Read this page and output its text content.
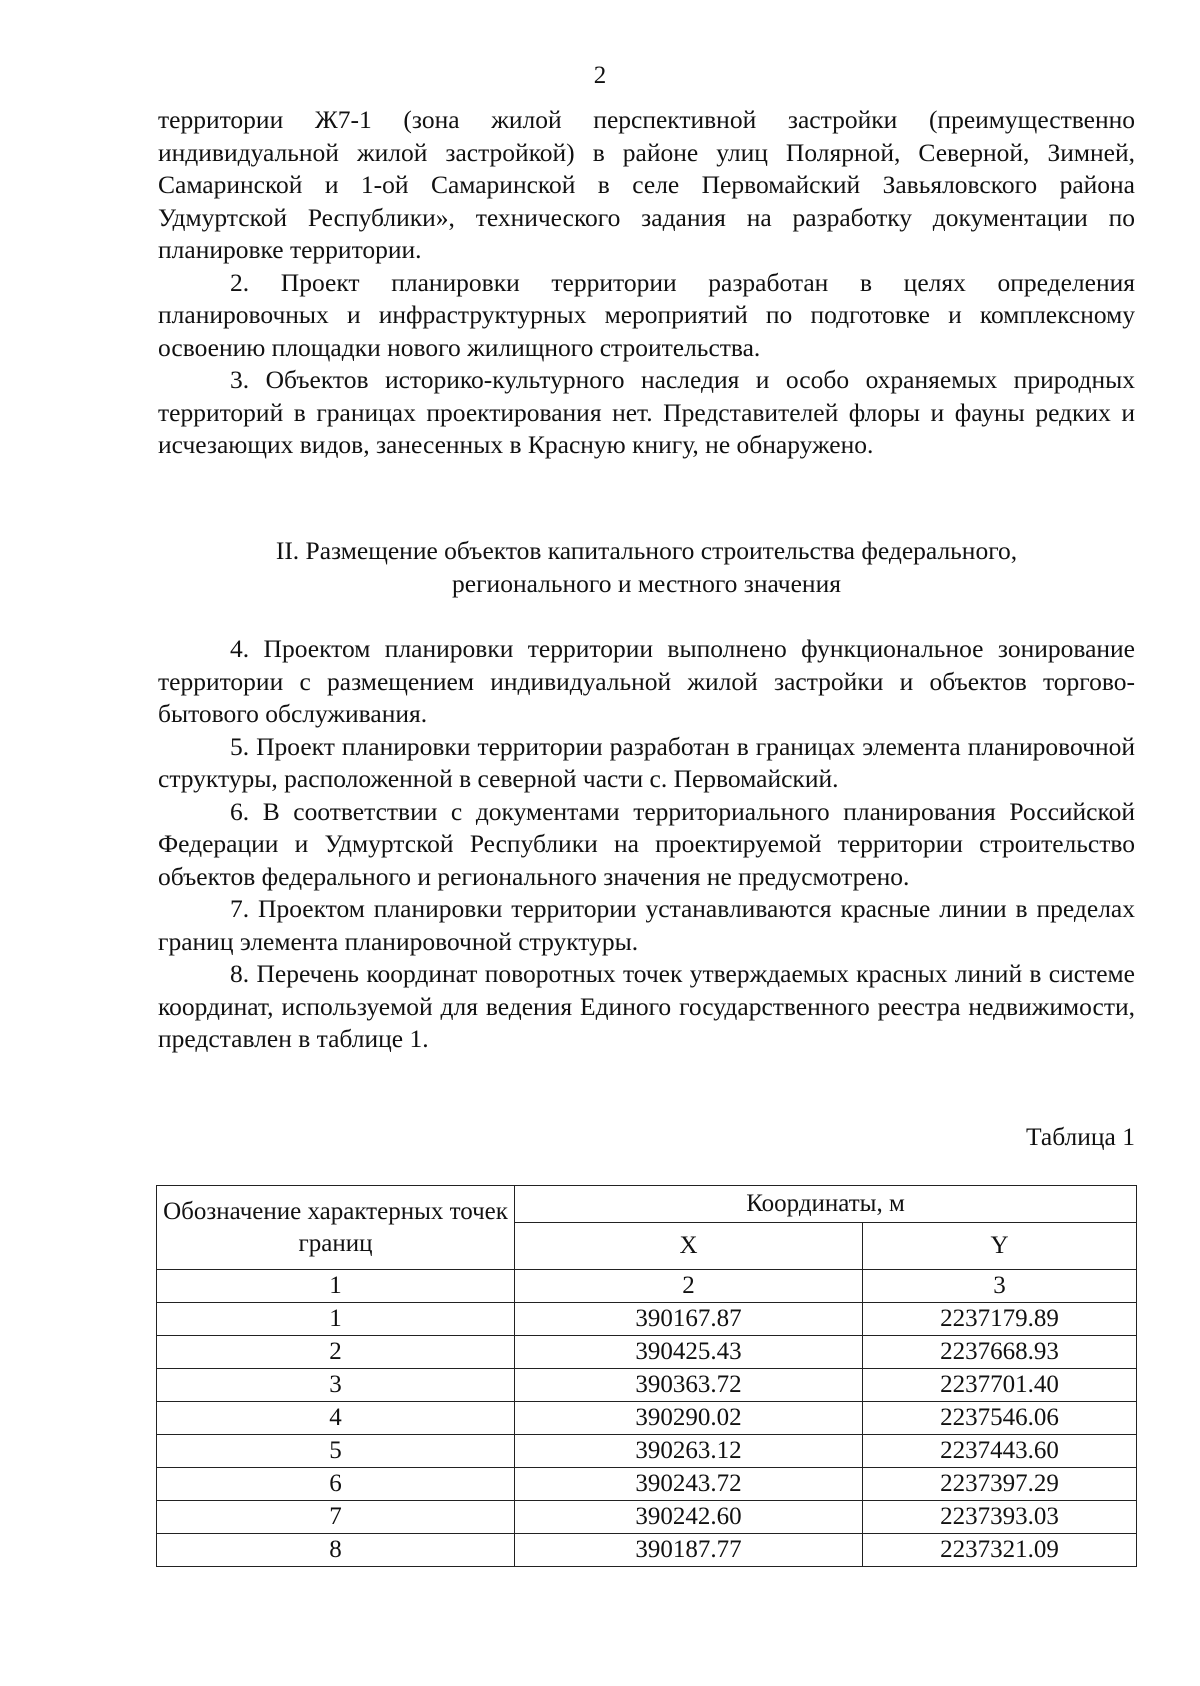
2

территории Ж7-1 (зона жилой перспективной застройки (преимущественно индивидуальной жилой застройкой) в районе улиц Полярной, Северной, Зимней, Самаринской и 1-ой Самаринской в селе Первомайский Завьяловского района Удмуртской Республики», технического задания на разработку документации по планировке территории.

2. Проект планировки территории разработан в целях определения планировочных и инфраструктурных мероприятий по подготовке и комплексному освоению площадки нового жилищного строительства.

3. Объектов историко-культурного наследия и особо охраняемых природных территорий в границах проектирования нет. Представителей флоры и фауны редких и исчезающих видов, занесенных в Красную книгу, не обнаружено.

II. Размещение объектов капитального строительства федерального,
регионального и местного значения

4. Проектом планировки территории выполнено функциональное зонирование территории с размещением индивидуальной жилой застройки и объектов торгово-бытового обслуживания.

5. Проект планировки территории разработан в границах элемента планировочной структуры, расположенной в северной части с. Первомайский.

6. В соответствии с документами территориального планирования Российской Федерации и Удмуртской Республики на проектируемой территории строительство объектов федерального и регионального значения не предусмотрено.

7. Проектом планировки территории устанавливаются красные линии в пределах границ элемента планировочной структуры.

8. Перечень координат поворотных точек утверждаемых красных линий в системе координат, используемой для ведения Единого государственного реестра недвижимости, представлен в таблице 1.

Таблица 1
Обозначение характерных точек границ	Координаты, м	
	X	Y
1	2	3
1	390167.87	2237179.89
2	390425.43	2237668.93
3	390363.72	2237701.40
4	390290.02	2237546.06
5	390263.12	2237443.60
6	390243.72	2237397.29
7	390242.60	2237393.03
8	390187.77	2237321.09
